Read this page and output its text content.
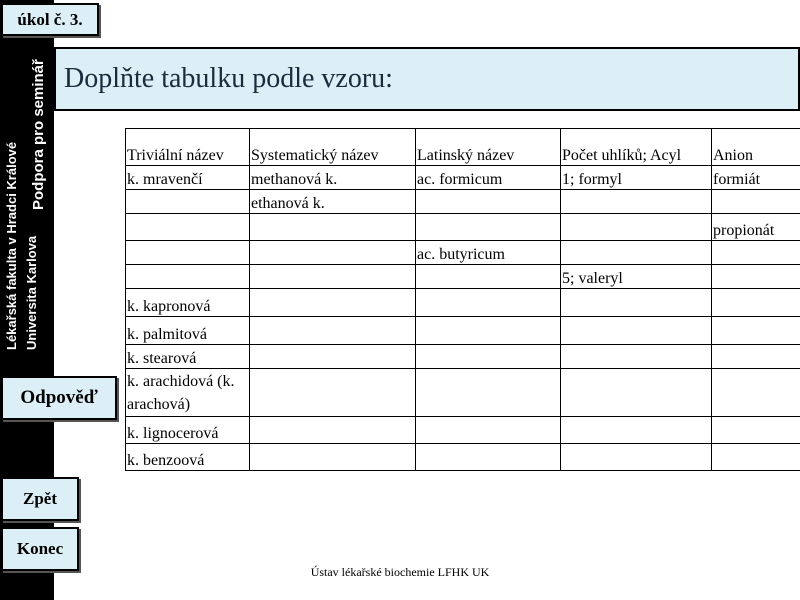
Lékařská fakulta v Hradci Králové Universita Karlova
Podpora pro seminář
úkol č. 3.
Doplňte tabulku podle vzoru:
Triviální název	Systematický název	Latinský název	Počet uhlíků; Acyl	Anion
k. mravenčí	methanová k.	ac. formicum	1; formyl	formiát
	ethanová k.			
				propionát
		ac. butyricum		
			5; valeryl	
k. kapronová				
k. palmitová				
k. stearová				
k. arachidová (k. arachová)				
k. lignocerová				
k. benzoová				
Odpověď
Zpět
Konec
Ústav lékařské biochemie LFHK UK
